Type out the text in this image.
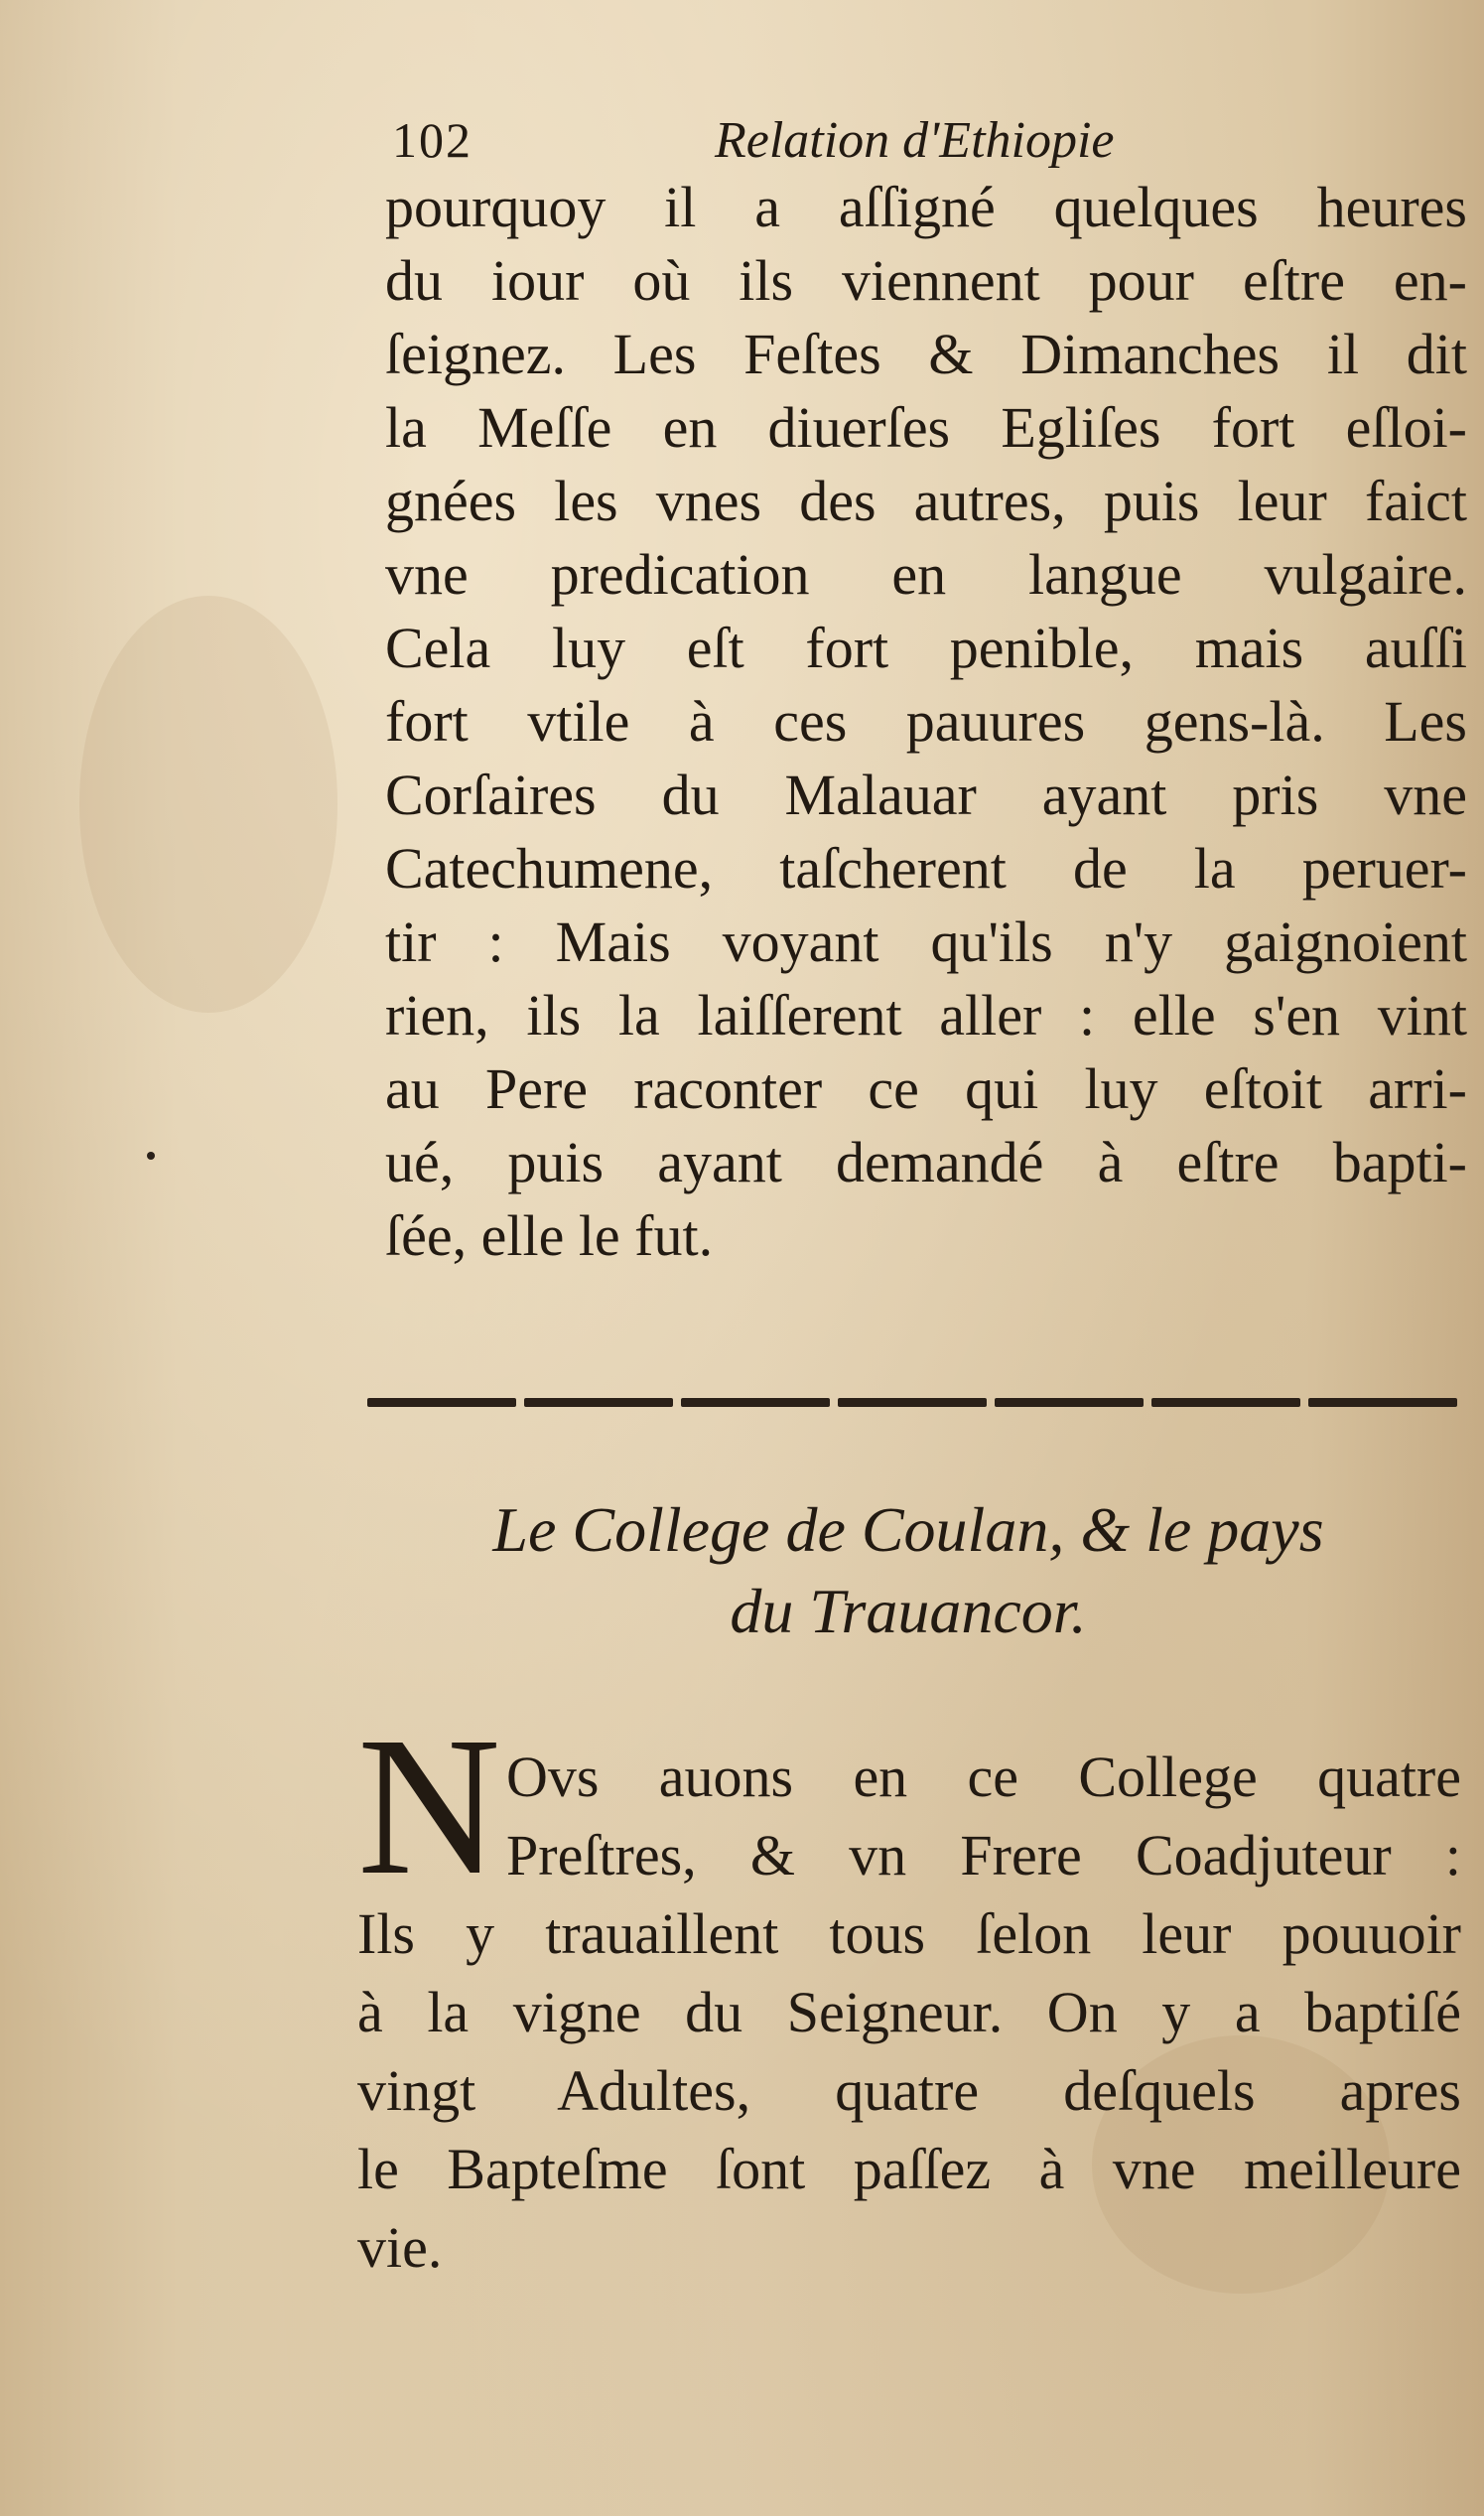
102	Relation d'Ethiopie
pourquoy il a aſſigné quelques heures
du iour où ils viennent pour eſtre en-
ſeignez. Les Feſtes & Dimanches il dit
la Meſſe en diuerſes Egliſes fort eſloi-
gnées les vnes des autres, puis leur faict
vne predication en langue vulgaire.
Cela luy eſt fort penible, mais auſſi
fort vtile à ces pauures gens-là. Les
Corſaires du Malauar ayant pris vne
Catechumene, taſcherent de la peruer-
tir : Mais voyant qu'ils n'y gaignoient
rien, ils la laiſſerent aller : elle s'en vint
au Pere raconter ce qui luy eſtoit arri-
ué, puis ayant demandé à eſtre bapti-
ſée, elle le fut.
Le College de Coulan, & le pays
du Trauancor.
N Ovs auons en ce College quatre
Preſtres, & vn Frere Coadjuteur :
Ils y trauaillent tous ſelon leur pouuoir
à la vigne du Seigneur. On y a baptiſé
vingt Adultes, quatre deſquels apres
le Bapteſme ſont paſſez à vne meilleure
vie.
